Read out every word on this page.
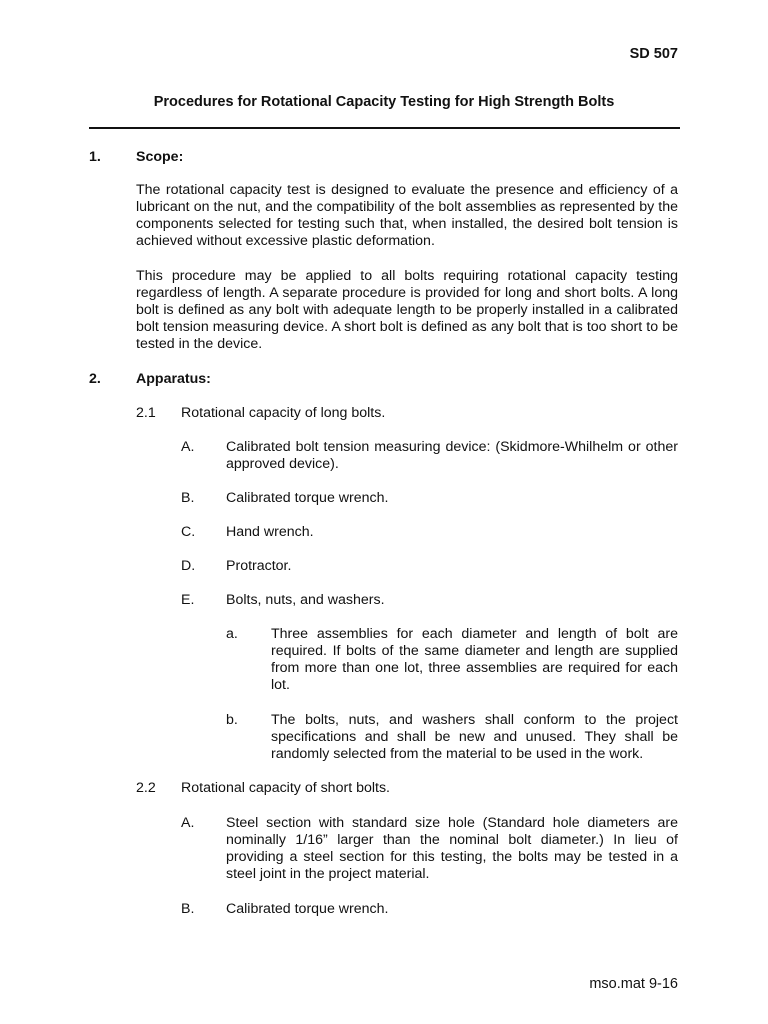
SD 507
Procedures for Rotational Capacity Testing for High Strength Bolts
1. Scope:
The rotational capacity test is designed to evaluate the presence and efficiency of a lubricant on the nut, and the compatibility of the bolt assemblies as represented by the components selected for testing such that, when installed, the desired bolt tension is achieved without excessive plastic deformation.
This procedure may be applied to all bolts requiring rotational capacity testing regardless of length. A separate procedure is provided for long and short bolts. A long bolt is defined as any bolt with adequate length to be properly installed in a calibrated bolt tension measuring device. A short bolt is defined as any bolt that is too short to be tested in the device.
2. Apparatus:
2.1 Rotational capacity of long bolts.
A. Calibrated bolt tension measuring device: (Skidmore-Whilhelm or other approved device).
B. Calibrated torque wrench.
C. Hand wrench.
D. Protractor.
E. Bolts, nuts, and washers.
a. Three assemblies for each diameter and length of bolt are required. If bolts of the same diameter and length are supplied from more than one lot, three assemblies are required for each lot.
b. The bolts, nuts, and washers shall conform to the project specifications and shall be new and unused. They shall be randomly selected from the material to be used in the work.
2.2 Rotational capacity of short bolts.
A. Steel section with standard size hole (Standard hole diameters are nominally 1/16” larger than the nominal bolt diameter.) In lieu of providing a steel section for this testing, the bolts may be tested in a steel joint in the project material.
B. Calibrated torque wrench.
mso.mat 9-16
